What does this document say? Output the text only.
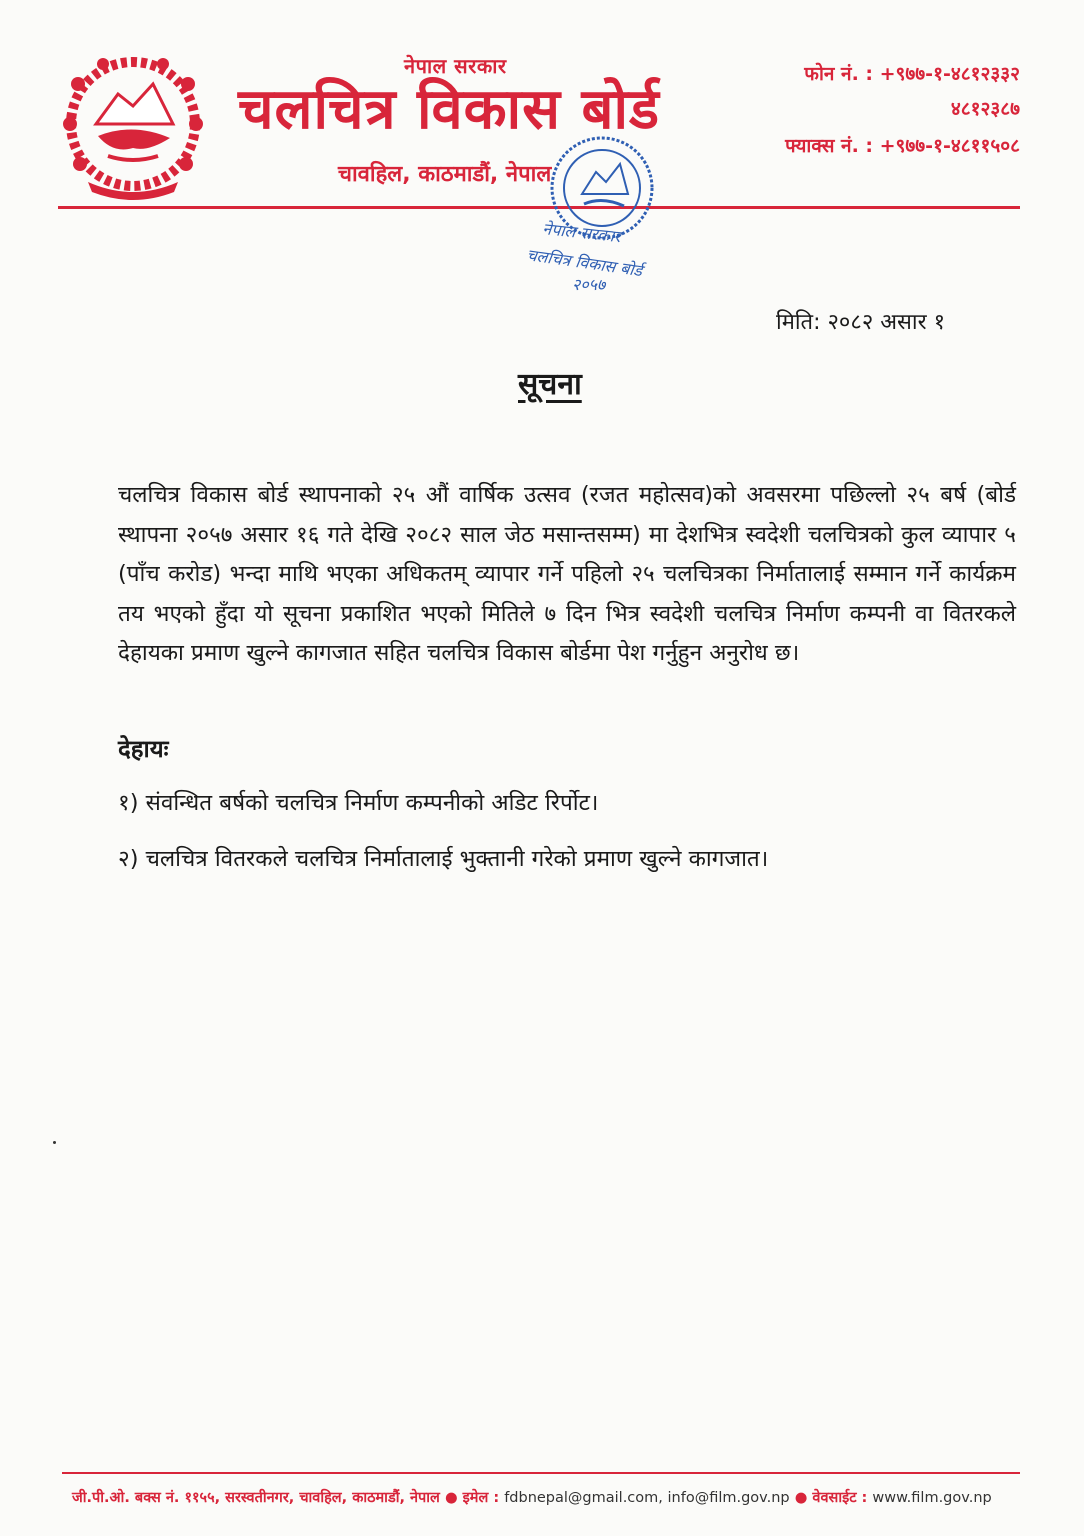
नेपाल सरकार
चलचित्र विकास बोर्ड
चावहिल, काठमाडौं, नेपाल
फोन नं. : +९७७-१-४८१२३३२
४८१२३८७
फ्याक्स नं. : +९७७-१-४८११५०८
नेपाल सरकार
चलचित्र विकास बोर्ड
२०५७
मिति: २०८२ असार १
सूचना
चलचित्र विकास बोर्ड स्थापनाको २५ औं वार्षिक उत्सव (रजत महोत्सव)को अवसरमा पछिल्लो २५ बर्ष (बोर्ड स्थापना २०५७ असार १६ गते देखि २०८२ साल जेठ मसान्तसम्म) मा देशभित्र स्वदेशी चलचित्रको कुल व्यापार ५ (पाँच करोड) भन्दा माथि भएका अधिकतम् व्यापार गर्ने पहिलो २५ चलचित्रका निर्मातालाई सम्मान गर्ने कार्यक्रम तय भएको हुँदा यो सूचना प्रकाशित भएको मितिले ७ दिन भित्र स्वदेशी चलचित्र निर्माण कम्पनी वा वितरकले देहायका प्रमाण खुल्ने कागजात सहित चलचित्र विकास बोर्डमा पेश गर्नुहुन अनुरोध छ।
देहायः
१) संवन्धित बर्षको चलचित्र निर्माण कम्पनीको अडिट रिर्पोट।
२) चलचित्र वितरकले चलचित्र निर्मातालाई भुक्तानी गरेको प्रमाण खुल्ने कागजात।
जी.पी.ओ. बक्स नं. ११५५, सरस्वतीनगर, चावहिल, काठमाडौं, नेपाल ● इमेल : fdbnepal@gmail.com, info@film.gov.np ● वेवसाईट : www.film.gov.np
